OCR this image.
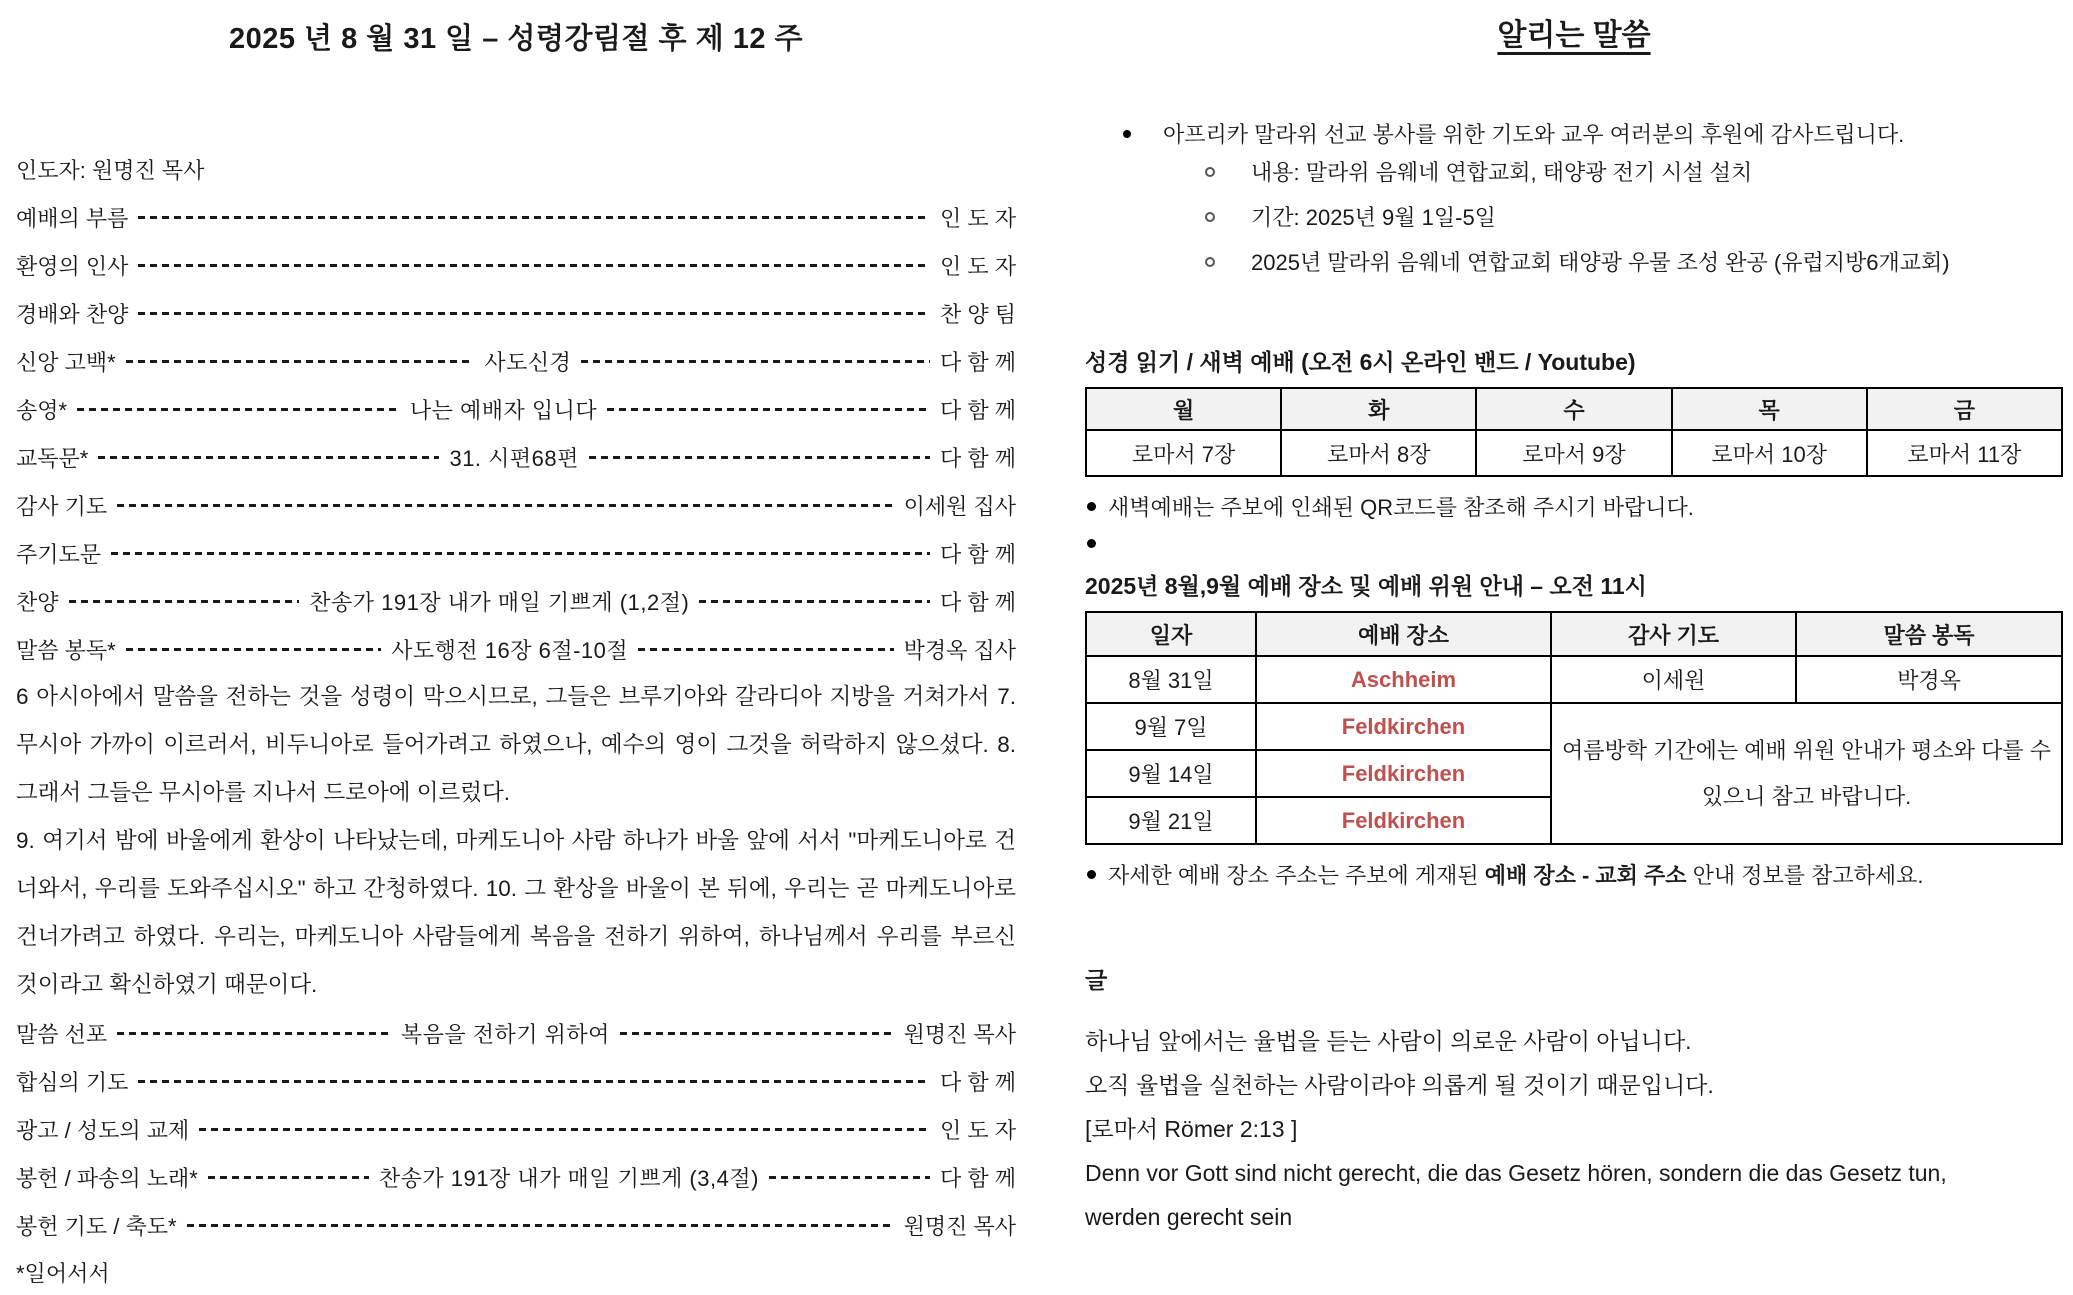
2025 년 8 월 31 일 – 성령강림절 후 제 12 주
인도자: 원명진 목사
예배의 부름	인 도 자
환영의 인사	인 도 자
경배와 찬양	찬 양 팀
신앙 고백*	사도신경	다 함 께
송영*	나는 예배자 입니다	다 함 께
교독문*	31. 시편68편	다 함 께
감사 기도	이세원 집사
주기도문	다 함 께
찬양	찬송가 191장 내가 매일 기쁘게 (1,2절)	다 함 께
말씀 봉독*	사도행전 16장 6절-10절	박경옥 집사

6 아시아에서 말씀을 전하는 것을 성령이 막으시므로, 그들은 브루기아와 갈라디아 지방을 거쳐가서 7. 무시아 가까이 이르러서, 비두니아로 들어가려고 하였으나, 예수의 영이 그것을 허락하지 않으셨다. 8. 그래서 그들은 무시아를 지나서 드로아에 이르렀다.

9. 여기서 밤에 바울에게 환상이 나타났는데, 마케도니아 사람 하나가 바울 앞에 서서 "마케도니아로 건너와서, 우리를 도와주십시오" 하고 간청하였다. 10. 그 환상을 바울이 본 뒤에, 우리는 곧 마케도니아로 건너가려고 하였다. 우리는, 마케도니아 사람들에게 복음을 전하기 위하여, 하나님께서 우리를 부르신 것이라고 확신하였기 때문이다.

말씀 선포	복음을 전하기 위하여	원명진 목사
합심의 기도	다 함 께
광고 / 성도의 교제	인 도 자
봉헌 / 파송의 노래*	찬송가 191장 내가 매일 기쁘게 (3,4절)	다 함 께
봉헌 기도 / 축도*	원명진 목사
*일어서서
알리는 말씀
아프리카 말라위 선교 봉사를 위한 기도와 교우 여러분의 후원에 감사드립니다.
내용: 말라위 음웨네 연합교회, 태양광 전기 시설 설치
기간: 2025년 9월 1일-5일
2025년 말라위 음웨네 연합교회 태양광 우물 조성 완공 (유럽지방6개교회)
성경 읽기 / 새벽 예배 (오전 6시 온라인 밴드 / Youtube)
월	화	수	목	금
로마서 7장	로마서 8장	로마서 9장	로마서 10장	로마서 11장
새벽예배는 주보에 인쇄된 QR코드를 참조해 주시기 바랍니다.
2025년 8월,9월 예배 장소 및 예배 위원 안내 – 오전 11시
일자	예배 장소	감사 기도	말씀 봉독
8월 31일	Aschheim	이세원	박경옥
9월 7일	Feldkirchen	여름방학 기간에는 예배 위원 안내가 평소와 다를 수 있으니 참고 바랍니다.	
9월 14일	Feldkirchen		
9월 21일	Feldkirchen		
자세한 예배 장소 주소는 주보에 게재된 예배 장소 - 교회 주소 안내 정보를 참고하세요.
글
하나님 앞에서는 율법을 듣는 사람이 의로운 사람이 아닙니다.
오직 율법을 실천하는 사람이라야 의롭게 될 것이기 때문입니다.
[로마서 Römer 2:13 ]
Denn vor Gott sind nicht gerecht, die das Gesetz hören, sondern die das Gesetz tun,
werden gerecht sein
